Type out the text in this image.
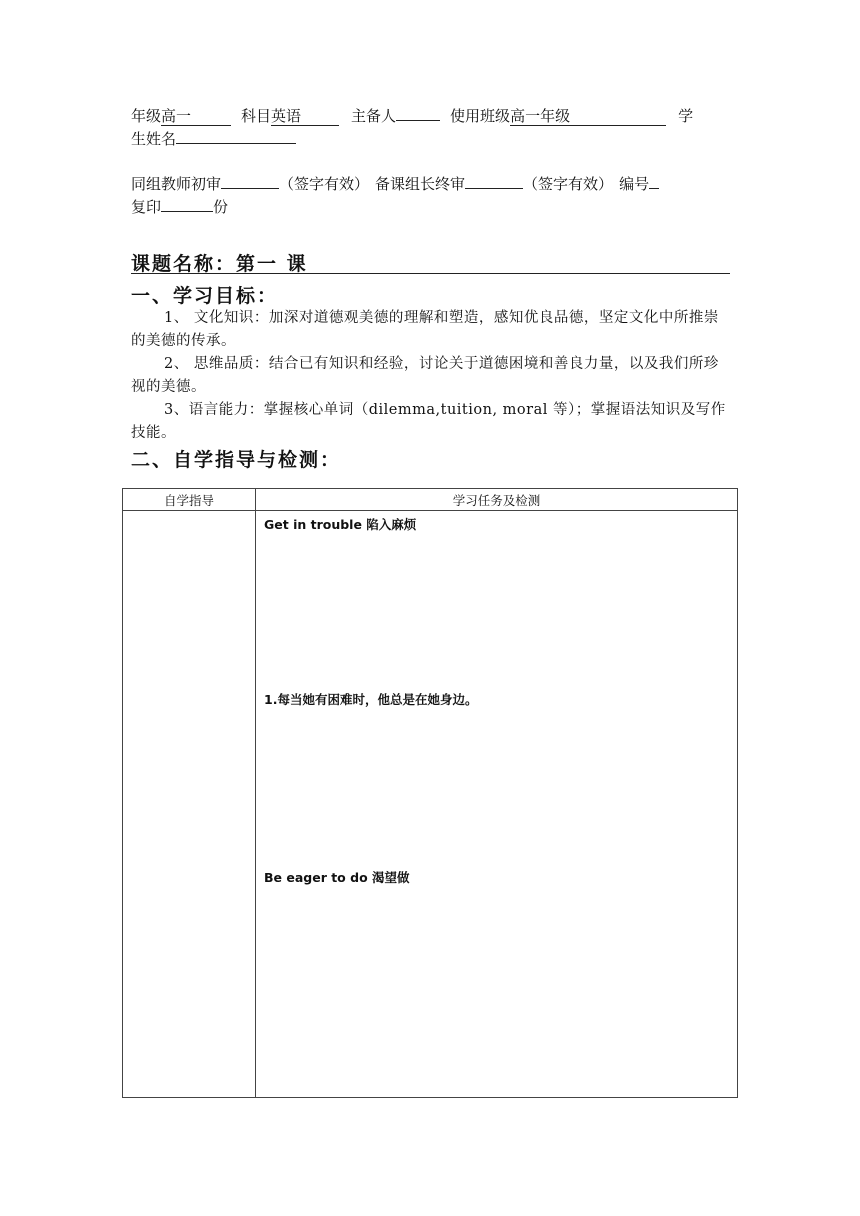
年级高一	科目英语	主备人	使用班级高一年级	学
生姓名
同组教师初审	（签字有效） 备课组长终审	（签字有效） 编号
复印	份
课题名称：第一 课
一、学习目标：
1、 文化知识：加深对道德观美德的理解和塑造，感知优良品德，坚定文化中所推崇的美德的传承。
2、 思维品质：结合已有知识和经验，讨论关于道德困境和善良力量，以及我们所珍视的美德。
3、语言能力：掌握核心单词（dilemma,tuition, moral 等）；掌握语法知识及写作技能。
二、自学指导与检测：
自学指导	学习任务及检测

	Get in trouble 陷入麻烦
1.每当她有困难时，他总是在她身边。
Be eager to do 渴望做
